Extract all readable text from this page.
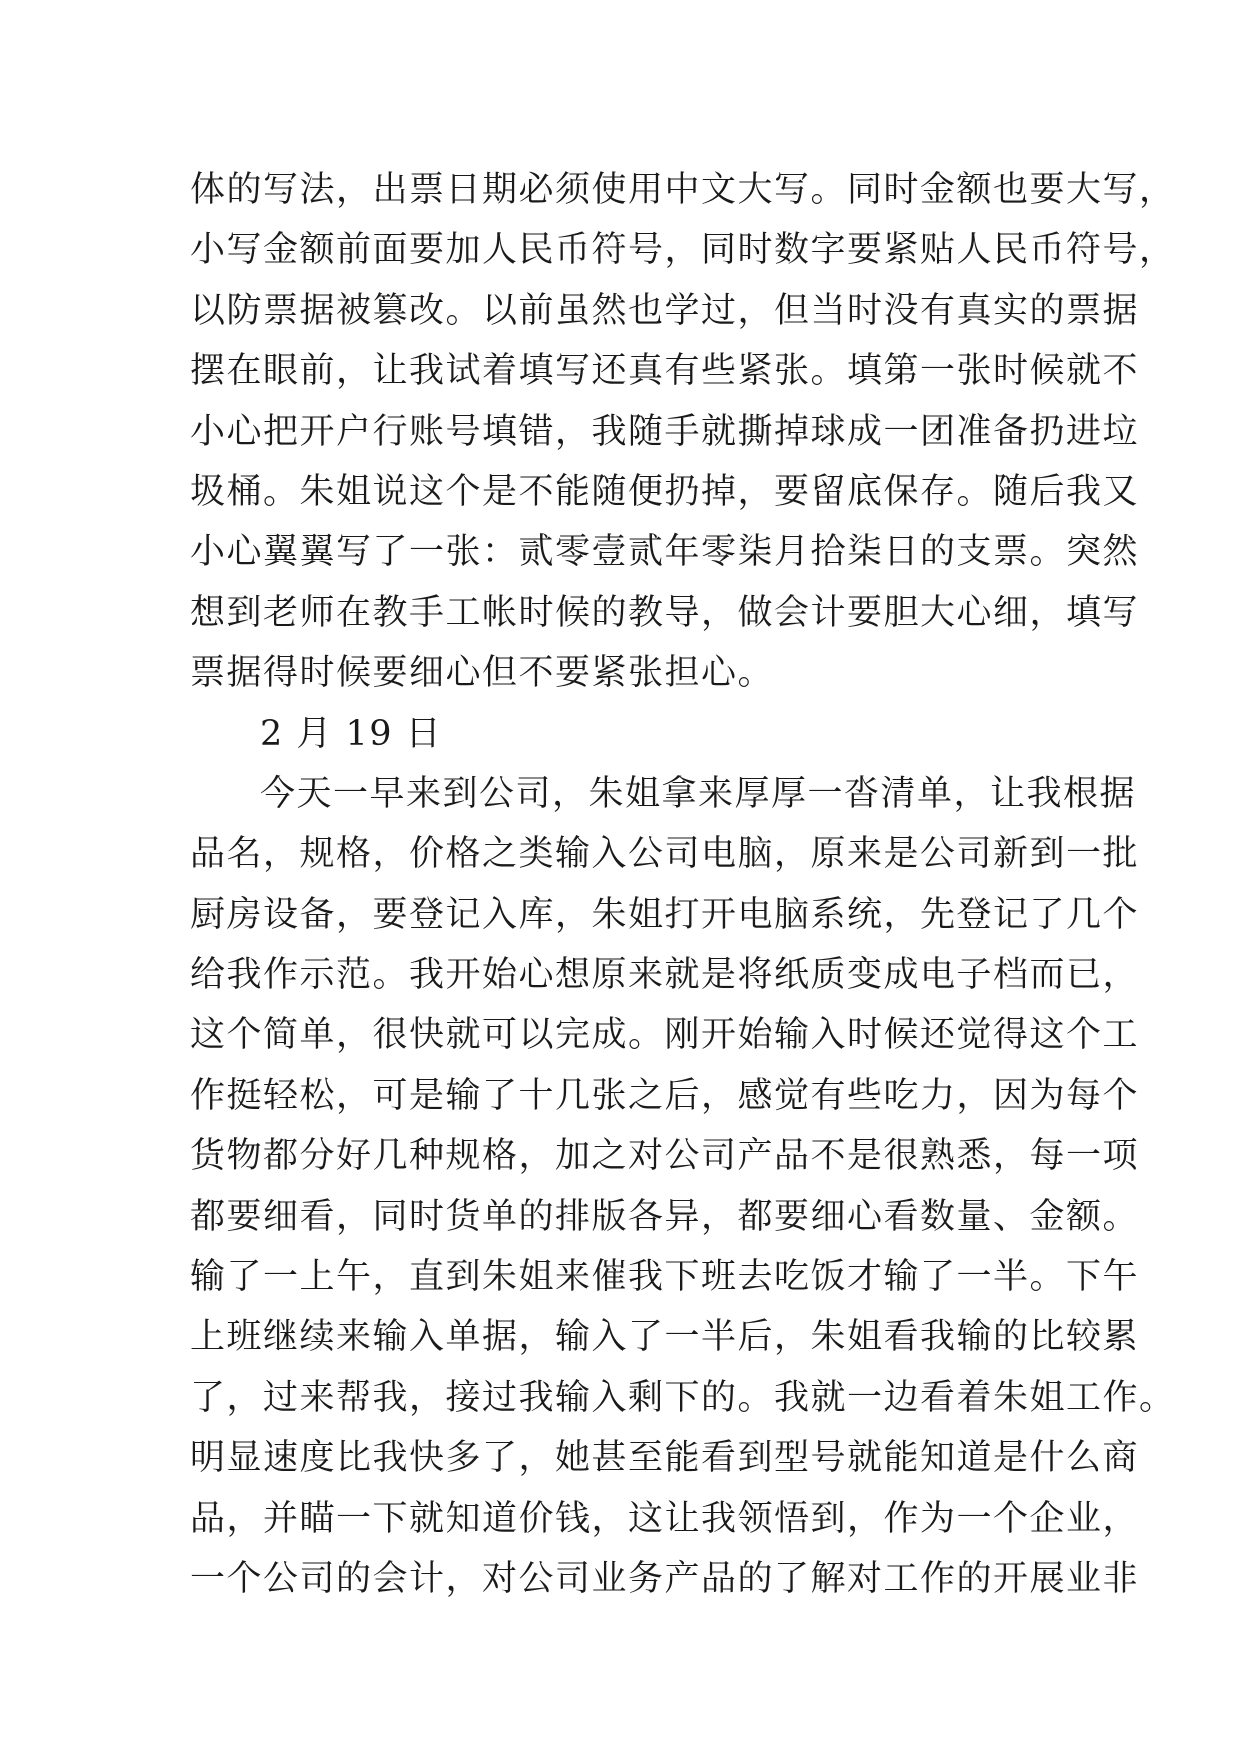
体的写法，出票日期必须使用中文大写。同时金额也要大写，
小写金额前面要加人民币符号，同时数字要紧贴人民币符号，
以防票据被篡改。以前虽然也学过，但当时没有真实的票据
摆在眼前，让我试着填写还真有些紧张。填第一张时候就不
小心把开户行账号填错，我随手就撕掉球成一团准备扔进垃
圾桶。朱姐说这个是不能随便扔掉，要留底保存。随后我又
小心翼翼写了一张：贰零壹贰年零柒月拾柒日的支票。突然
想到老师在教手工帐时候的教导，做会计要胆大心细，填写
票据得时候要细心但不要紧张担心。
2 月 19 日
今天一早来到公司，朱姐拿来厚厚一沓清单，让我根据
品名，规格，价格之类输入公司电脑，原来是公司新到一批
厨房设备，要登记入库，朱姐打开电脑系统，先登记了几个
给我作示范。我开始心想原来就是将纸质变成电子档而已，
这个简单，很快就可以完成。刚开始输入时候还觉得这个工
作挺轻松，可是输了十几张之后，感觉有些吃力，因为每个
货物都分好几种规格，加之对公司产品不是很熟悉，每一项
都要细看，同时货单的排版各异，都要细心看数量、金额。
输了一上午，直到朱姐来催我下班去吃饭才输了一半。下午
上班继续来输入单据，输入了一半后，朱姐看我输的比较累
了，过来帮我，接过我输入剩下的。我就一边看着朱姐工作。
明显速度比我快多了，她甚至能看到型号就能知道是什么商
品，并瞄一下就知道价钱，这让我领悟到，作为一个企业，
一个公司的会计，对公司业务产品的了解对工作的开展业非
